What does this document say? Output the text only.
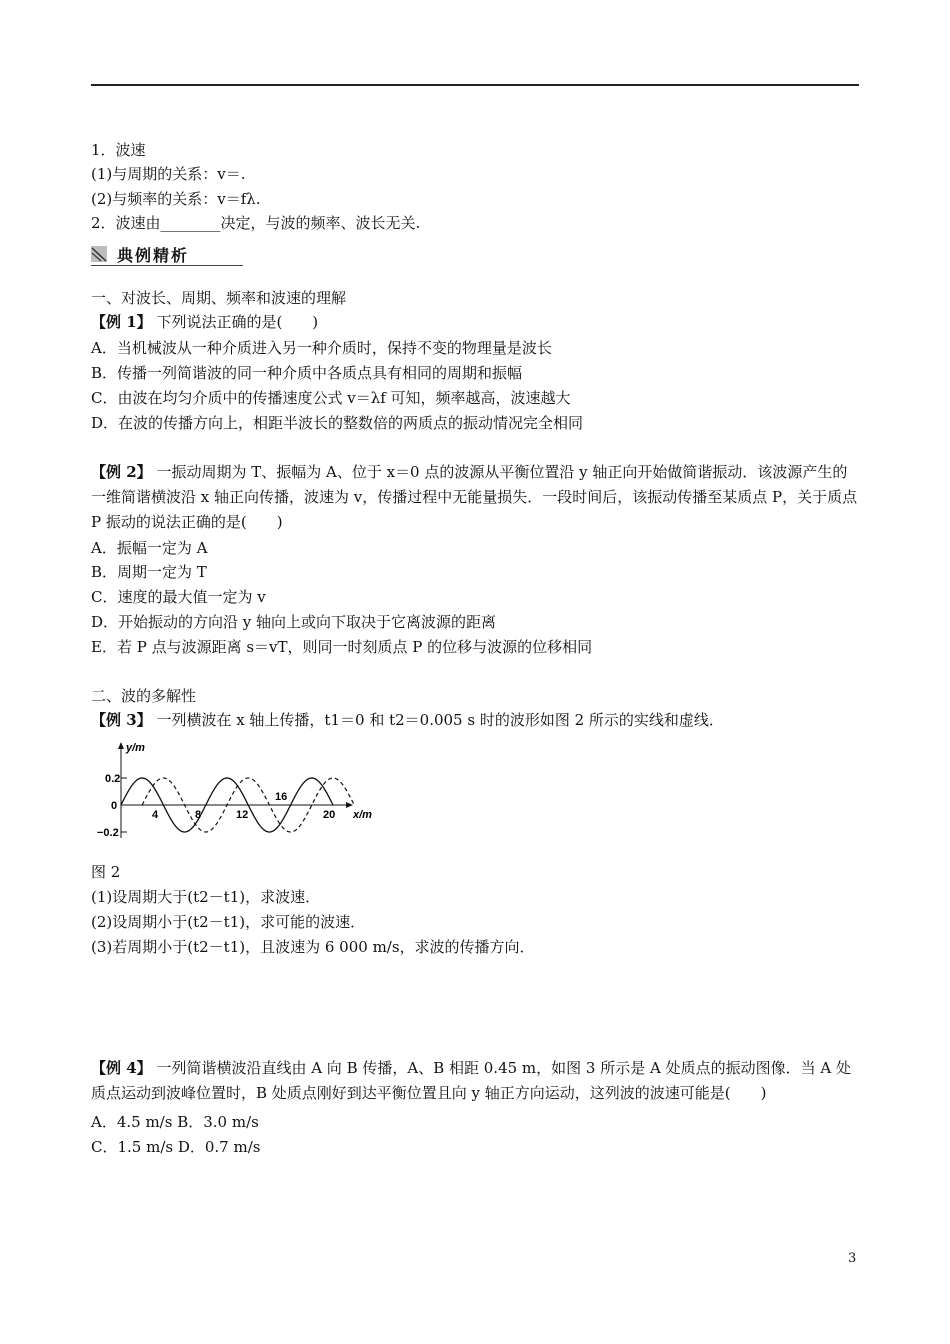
1．波速
(1)与周期的关系：v＝.
(2)与频率的关系：v＝fλ.
2．波速由________决定，与波的频率、波长无关.
典例精析
一、对波长、周期、频率和波速的理解
【例 1】 下列说法正确的是(　　)
A．当机械波从一种介质进入另一种介质时，保持不变的物理量是波长
B．传播一列简谐波的同一种介质中各质点具有相同的周期和振幅
C．由波在均匀介质中的传播速度公式 v＝λf 可知，频率越高，波速越大
D．在波的传播方向上，相距半波长的整数倍的两质点的振动情况完全相同
【例 2】 一振动周期为 T、振幅为 A、位于 x＝0 点的波源从平衡位置沿 y 轴正向开始做简谐振动．该波源产生的一维简谐横波沿 x 轴正向传播，波速为 v，传播过程中无能量损失．一段时间后，该振动传播至某质点 P，关于质点 P 振动的说法正确的是(　　)
A．振幅一定为 A
B．周期一定为 T
C．速度的最大值一定为 v
D．开始振动的方向沿 y 轴向上或向下取决于它离波源的距离
E．若 P 点与波源距离 s＝vT，则同一时刻质点 P 的位移与波源的位移相同
二、波的多解性
【例 3】 一列横波在 x 轴上传播，t1＝0 和 t2＝0.005 s 时的波形如图 2 所示的实线和虚线．
y/m
x/m
0.2
0
−0.2
4	8	12
16
20
图 2
(1)设周期大于(t2－t1)，求波速．
(2)设周期小于(t2－t1)，求可能的波速．
(3)若周期小于(t2－t1)，且波速为 6 000 m/s，求波的传播方向．
【例 4】 一列简谐横波沿直线由 A 向 B 传播，A、B 相距 0.45 m，如图 3 所示是 A 处质点的振动图像．当 A 处质点运动到波峰位置时，B 处质点刚好到达平衡位置且向 y 轴正方向运动，这列波的波速可能是(　　)
A．4.5 m/s B．3.0 m/s
C．1.5 m/s D．0.7 m/s
3
